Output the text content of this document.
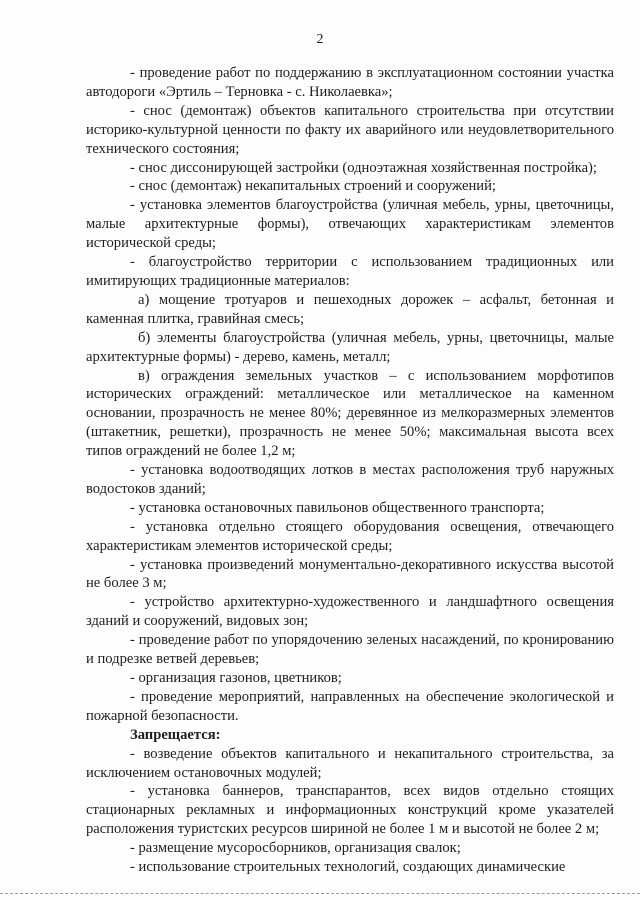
2

- проведение работ по поддержанию в эксплуатационном состоянии участка автодороги «Эртиль – Терновка - с. Николаевка»;

- снос (демонтаж) объектов капитального строительства при отсутствии историко-культурной ценности по факту их аварийного или неудовлетворительного технического состояния;

- снос диссонирующей застройки (одноэтажная хозяйственная постройка);

- снос (демонтаж) некапитальных строений и сооружений;

- установка элементов благоустройства (уличная мебель, урны, цветочницы, малые архитектурные формы), отвечающих характеристикам элементов исторической среды;

- благоустройство территории с использованием традиционных или имитирующих традиционные материалов:

а) мощение тротуаров и пешеходных дорожек – асфальт, бетонная и каменная плитка, гравийная смесь;

б) элементы благоустройства (уличная мебель, урны, цветочницы, малые архитектурные формы) - дерево, камень, металл;

в) ограждения земельных участков – с использованием морфотипов исторических ограждений: металлическое или металлическое на каменном основании, прозрачность не менее 80%; деревянное из мелкоразмерных элементов (штакетник, решетки), прозрачность не менее 50%; максимальная высота всех типов ограждений не более 1,2 м;

- установка водоотводящих лотков в местах расположения труб наружных водостоков зданий;

- установка остановочных павильонов общественного транспорта;

- установка отдельно стоящего оборудования освещения, отвечающего характеристикам элементов исторической среды;

- установка произведений монументально-декоративного искусства высотой не более 3 м;

- устройство архитектурно-художественного и ландшафтного освещения зданий и сооружений, видовых зон;

- проведение работ по упорядочению зеленых насаждений, по кронированию и подрезке ветвей деревьев;

- организация газонов, цветников;

- проведение мероприятий, направленных на обеспечение экологической и пожарной безопасности.

Запрещается:

- возведение объектов капитального и некапитального строительства, за исключением остановочных модулей;

- установка баннеров, транспарантов, всех видов отдельно стоящих стационарных рекламных и информационных конструкций кроме указателей расположения туристских ресурсов шириной не более 1 м и высотой не более 2 м;

- размещение мусоросборников, организация свалок;

- использование строительных технологий, создающих динамические
